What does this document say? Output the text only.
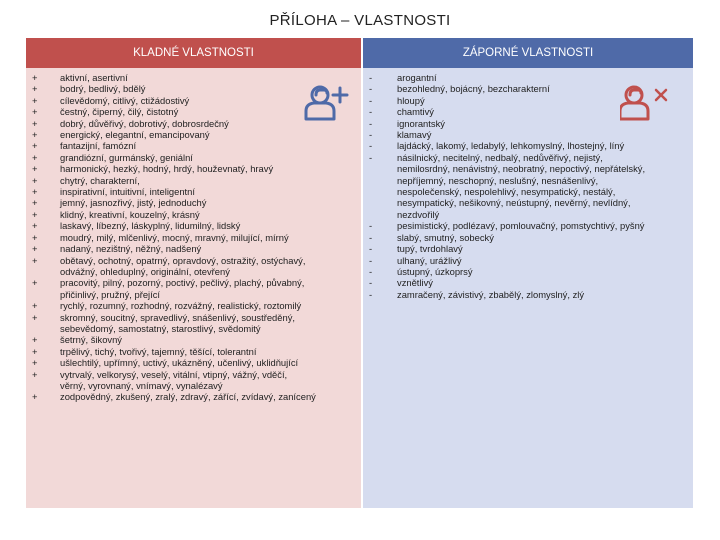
PŘÍLOHA – VLASTNOSTI
KLADNÉ VLASTNOSTI
+	aktivní, asertivní
+	bodrý, bedlivý, bdělý
+	cílevědomý, citlivý, ctižádostivý
+	čestný, čiperný, čilý, čistotný
+	dobrý, důvěřivý, dobrotivý, dobrosrdečný
+	energický, elegantní, emancipovaný
+	fantazijní, famózní
+	grandiózní, gurmánský, geniální
+	harmonický, hezký, hodný, hrdý, houževnatý, hravý
+	chytrý, charakterní,
+	inspirativní, intuitivní, inteligentní
+	jemný, jasnozřivý, jistý, jednoduchý
+	klidný, kreativní, kouzelný, krásný
+	laskavý, líbezný, láskyplný, lidumilný, lidský
+	moudrý, milý, mlčenlivý, mocný, mravný, milující, mírný
+	nadaný, nezištný, něžný, nadšený
+	obětavý, ochotný, opatrný, opravdový, ostražitý, ostýchavý,
odvážný, ohleduplný, originální, otevřený
+	pracovitý, pilný, pozorný, poctivý, pečlivý, plachý, půvabný,
přičinlivý, pružný, přející
+	rychlý, rozumný, rozhodný, rozvážný, realistický, roztomilý
+	skromný, soucitný, spravedlivý, snášenlivý, soustředěný,
sebevědomý, samostatný, starostlivý, svědomitý
+	šetrný, šikovný
+	trpělivý, tichý, tvořivý, tajemný, těšící, tolerantní
+	ušlechtilý, upřímný, uctivý, ukázněný, učenlivý, uklidňující
+	vytrvalý, velkorysý, veselý, vitální, vtipný, vážný, vděčí,
věrný, vyrovnaný, vnímavý, vynalézavý
+	zodpovědný, zkušený, zralý, zdravý, zářící, zvídavý, zanícený
ZÁPORNÉ VLASTNOSTI
-	arogantní
-	bezohledný, bojácný, bezcharakterní
-	hloupý
-	chamtivý
-	ignorantský
-	klamavý
-	lajdácký, lakomý, ledabylý, lehkomyslný, lhostejný, líný
-	násilnický, necitelný, nedbalý, nedůvěřivý, nejistý,
nemilosrdný, nenávistný, neobratný, nepoctivý, nepřátelský,
nepříjemný, neschopný, neslušný, nesnášenlivý,
nespolečenský, nespolehlivý, nesympatický, nestálý,
nesympatický, nešikovný, neústupný, nevěrný, nevlídný,
nezdvořilý
-	pesimistický, podlézavý, pomlouvačný, pomstychtivý, pyšný
-	slabý, smutný, sobecký
-	tupý, tvrdohlavý
-	ulhaný, urážlivý
-	ústupný, úzkoprsý
-	vznětlivý
-	zamračený, závistivý, zbabělý, zlomyslný, zlý
